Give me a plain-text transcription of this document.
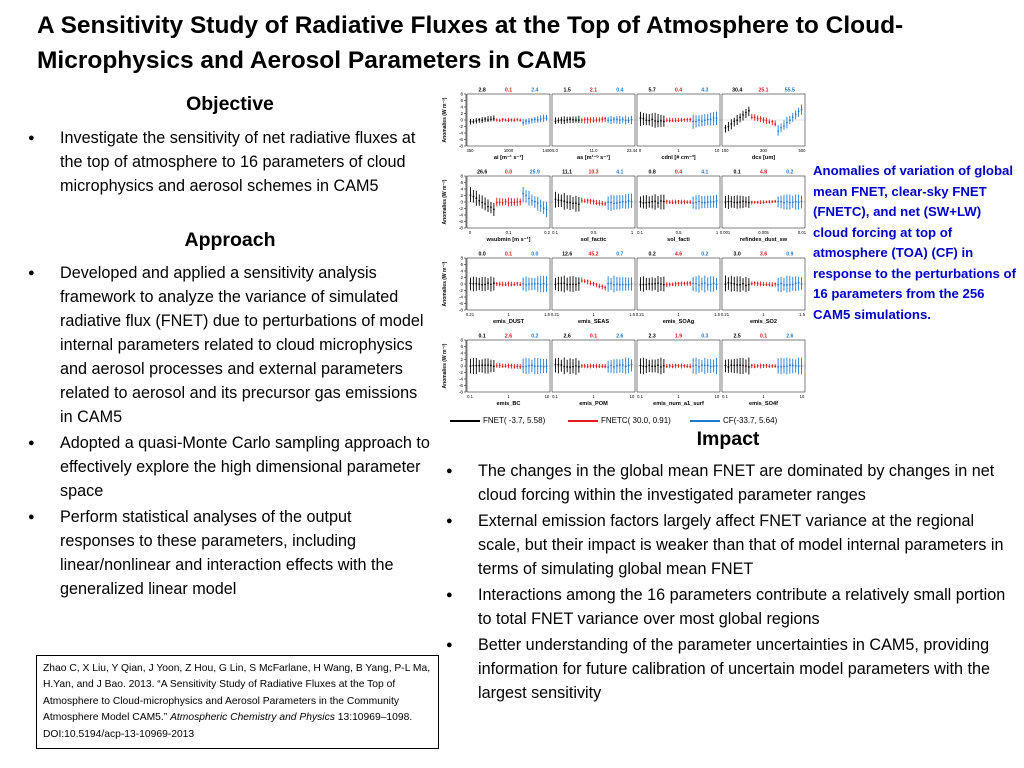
A Sensitivity Study of Radiative Fluxes at the Top of Atmosphere to Cloud-Microphysics and Aerosol Parameters in CAM5
Objective
● Investigate the sensitivity of net radiative fluxes at the top of atmosphere to 16 parameters of cloud microphysics and aerosol schemes in CAM5
Approach
● Developed and applied a sensitivity analysis framework to analyze the variance of simulated radiative flux (FNET) due to perturbations of model internal parameters related to cloud microphysics and aerosol processes and external parameters related to aerosol and its precursor gas emissions in CAM5
● Adopted a quasi-Monte Carlo sampling approach to effectively explore the high dimensional parameter space
● Perform statistical analyses of the output responses to these parameters, including linear/nonlinear and interaction effects with the generalized linear model
-8
-6
-4
-2
0
2
4
6
8
Anomalies (W m⁻²)
2.8	0.1	2.4
350	1000	1400
ai [m⁻¹ s⁻¹]
1.5	2.1	0.4
5.0	11.0	23.44
as [m¹⁻ᵇ s⁻¹]
5.7	0.4	4.3
0	1	10
cdnl [# cm⁻³]
30.4	25.1	55.5
100	300	500
dcs [um]
-8
-6
-4
-2
0
2
4
6
8
Anomalies (W m⁻²)
26.6	0.0	25.9
0	0.1	0.2
wsubmin [m s⁻¹]
11.1	10.3	4.1
0.1	0.5	1
sol_factic
0.8	0.4	4.1
0.1	0.5	1
sol_facti
0.1	4.8	0.2
0.001	0.005	0.01
refindex_dust_sw
-8
-6
-4
-2
0
2
4
6
8
Anomalies (W m⁻²)
0.0	0.1	0.0
0.21	1	1.5
emis_DUST
12.6	45.2	0.7
0.21	1	1.5
emis_SEAS
0.2	4.6	0.2
0.21	1	1.5
emis_SOAg
3.0	3.6	0.9
0.21	1	1.5
emis_SO2
-8
-6
-4
-2
0
2
4
6
8
Anomalies (W m⁻²)
0.1	2.6	0.2
0.1	1	10
emis_BC
2.6	0.1	2.6
0.1	1	10
emis_POM
2.3	1.9	0.3
0.1	1	10
emis_num_a1_surf
2.5	0.1	2.6
0.1	1	10
emis_SO4f
FNET( -3.7, 5.58)	FNETC( 30.0, 0.91)	CF(-33.7, 5.64)
Anomalies of variation of global mean FNET, clear-sky FNET (FNETC), and net (SW+LW) cloud forcing at top of atmosphere (TOA) (CF) in response to the perturbations of 16 parameters from the 256 CAM5 simulations.
Impact
● The changes in the global mean FNET are dominated by changes in net cloud forcing within the investigated parameter ranges
● External emission factors largely affect FNET variance at the regional scale, but their impact is weaker than that of model internal parameters in terms of simulating global mean FNET
● Interactions among the 16 parameters contribute a relatively small portion to total FNET variance over most global regions
● Better understanding of the parameter uncertainties in CAM5, providing information for future calibration of uncertain model parameters with the largest sensitivity
Zhao C, X Liu, Y Qian, J Yoon, Z Hou, G Lin, S McFarlane, H Wang, B Yang, P-L Ma, H.Yan, and J Bao. 2013. “A Sensitivity Study of Radiative Fluxes at the Top of Atmosphere to Cloud-microphysics and Aerosol Parameters in the Community Atmosphere Model CAM5.” Atmospheric Chemistry and Physics 13:10969–1098. DOI:10.5194/acp-13-10969-2013
